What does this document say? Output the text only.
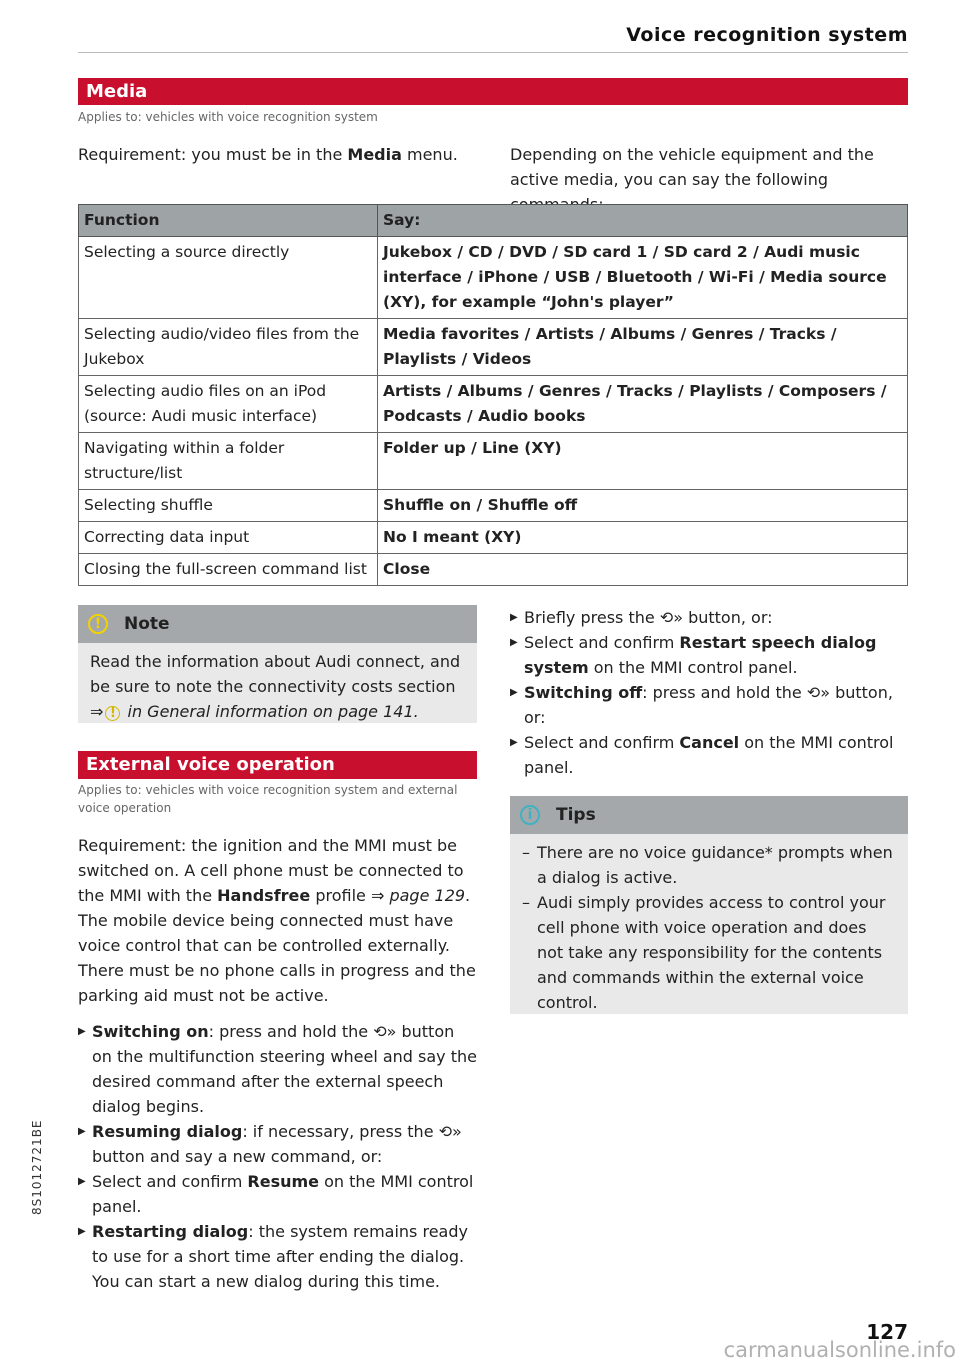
Voice recognition system
Media
Applies to: vehicles with voice recognition system
Requirement: you must be in the Media menu.	Depending on the vehicle equipment and the active media, you can say the following
Function	Say:
Selecting a source directly	Jukebox / CD / DVD / SD card 1 / SD card 2 / Audi music interface / iPhone / USB / Bluetooth / Wi-Fi / Media source (XY), for example “John's player”
Selecting audio/video files from the Jukebox	Media favorites / Artists / Albums / Genres / Tracks / Playlists / Videos
Selecting audio files on an iPod (source: Audi music interface)	Artists / Albums / Genres / Tracks / Playlists / Composers / Podcasts / Audio books
Navigating within a folder structure/list	Folder up / Line (XY)
Selecting shuffle	Shuffle on / Shuffle off
Correcting data input	No I meant (XY)
Closing the full-screen command list	Close
!	Note
Read the information about Audi connect, and be sure to note the connectivity costs section ⇒ ! in General information on page 141.
External voice operation
Applies to: vehicles with voice recognition system and external voice operation
Requirement: the ignition and the MMI must be switched on. A cell phone must be connected to the MMI with the Handsfree profile ⇒ page 129. The mobile device being connected must have voice control that can be controlled externally. There must be no phone calls in progress and the parking aid must not be active.
▶ Switching on: press and hold the ⟲» button on the multifunction steering wheel and say the desired command after the external speech dialog begins.
▶ Resuming dialog: if necessary, press the ⟲» button and say a new command, or:
▶ Select and confirm Resume on the MMI control panel.
▶ Restarting dialog: the system remains ready to use for a short time after ending the dialog. You can start a new dialog during this time.
▶ Briefly press the ⟲» button, or:
▶ Select and confirm Restart speech dialog system on the MMI control panel.
▶ Switching off: press and hold the ⟲» button, or:
▶ Select and confirm Cancel on the MMI control panel.
i	Tips
– There are no voice guidance* prompts when a dialog is active.
– Audi simply provides access to control your cell phone with voice operation and does not take any responsibility for the contents and commands within the external voice control.
8S1012721BE
127
carmanualsonline.info
